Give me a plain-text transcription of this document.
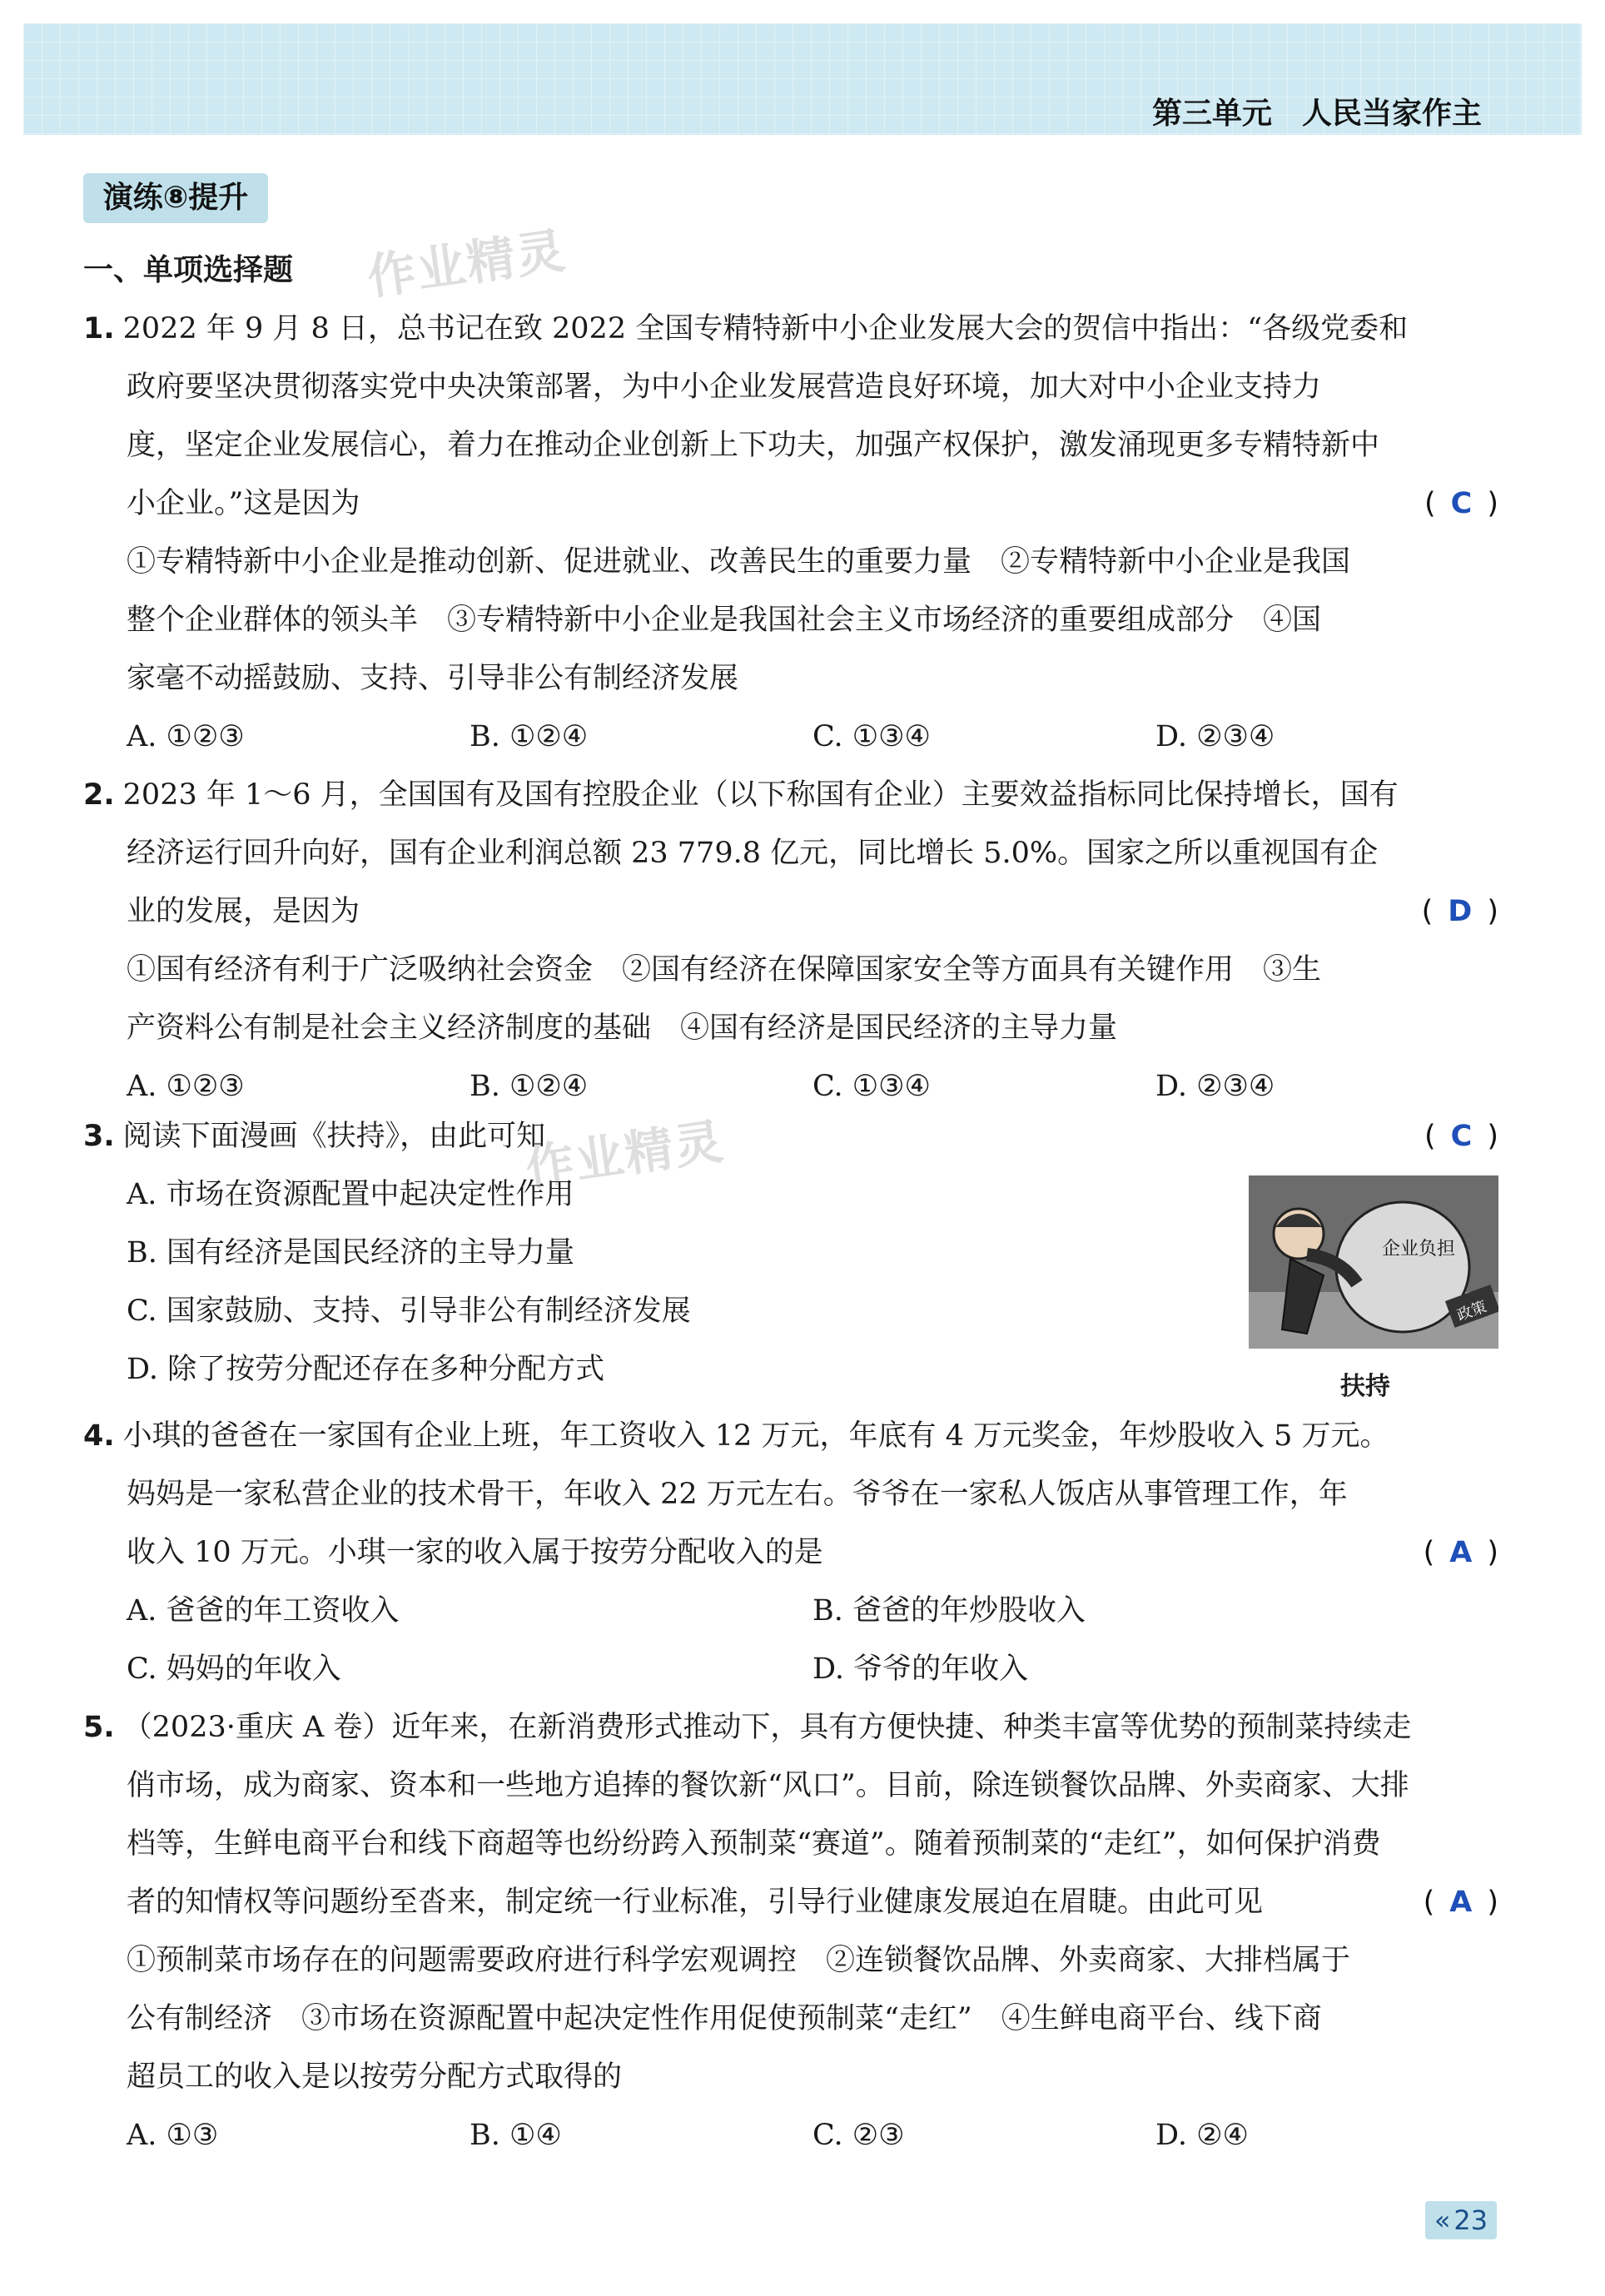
第三单元　人民当家作主
演练⑧提升
作业精灵
作业精灵
一、单项选择题
1. 2022 年 9 月 8 日，总书记在致 2022 全国专精特新中小企业发展大会的贺信中指出：“各级党委和
政府要坚决贯彻落实党中央决策部署，为中小企业发展营造良好环境，加大对中小企业支持力
度，坚定企业发展信心，着力在推动企业创新上下功夫，加强产权保护，激发涌现更多专精特新中
小企业。”这是因为	( C )
①专精特新中小企业是推动创新、促进就业、改善民生的重要力量　②专精特新中小企业是我国
整个企业群体的领头羊　③专精特新中小企业是我国社会主义市场经济的重要组成部分　④国
家毫不动摇鼓励、支持、引导非公有制经济发展
A. ①②③	B. ①②④	C. ①③④	D. ②③④
2. 2023 年 1～6 月，全国国有及国有控股企业（以下称国有企业）主要效益指标同比保持增长，国有
经济运行回升向好，国有企业利润总额 23 779.8 亿元，同比增长 5.0%。国家之所以重视国有企
业的发展，是因为	( D )
①国有经济有利于广泛吸纳社会资金　②国有经济在保障国家安全等方面具有关键作用　③生
产资料公有制是社会主义经济制度的基础　④国有经济是国民经济的主导力量
A. ①②③	B. ①②④	C. ①③④	D. ②③④
3. 阅读下面漫画《扶持》，由此可知	( C )
A. 市场在资源配置中起决定性作用
B. 国有经济是国民经济的主导力量
C. 国家鼓励、支持、引导非公有制经济发展
D. 除了按劳分配还存在多种分配方式
企业负担
政策
扶持
4. 小琪的爸爸在一家国有企业上班，年工资收入 12 万元，年底有 4 万元奖金，年炒股收入 5 万元。
妈妈是一家私营企业的技术骨干，年收入 22 万元左右。爷爷在一家私人饭店从事管理工作，年
收入 10 万元。小琪一家的收入属于按劳分配收入的是	( A )
A. 爸爸的年工资收入	B. 爸爸的年炒股收入
C. 妈妈的年收入	D. 爷爷的年收入
5. （2023·重庆 A 卷）近年来，在新消费形式推动下，具有方便快捷、种类丰富等优势的预制菜持续走
俏市场，成为商家、资本和一些地方追捧的餐饮新“风口”。目前，除连锁餐饮品牌、外卖商家、大排
档等，生鲜电商平台和线下商超等也纷纷跨入预制菜“赛道”。随着预制菜的“走红”，如何保护消费
者的知情权等问题纷至沓来，制定统一行业标准，引导行业健康发展迫在眉睫。由此可见	( A )
①预制菜市场存在的问题需要政府进行科学宏观调控　②连锁餐饮品牌、外卖商家、大排档属于
公有制经济　③市场在资源配置中起决定性作用促使预制菜“走红”　④生鲜电商平台、线下商
超员工的收入是以按劳分配方式取得的
A. ①③	B. ①④	C. ②③	D. ②④
« 23
